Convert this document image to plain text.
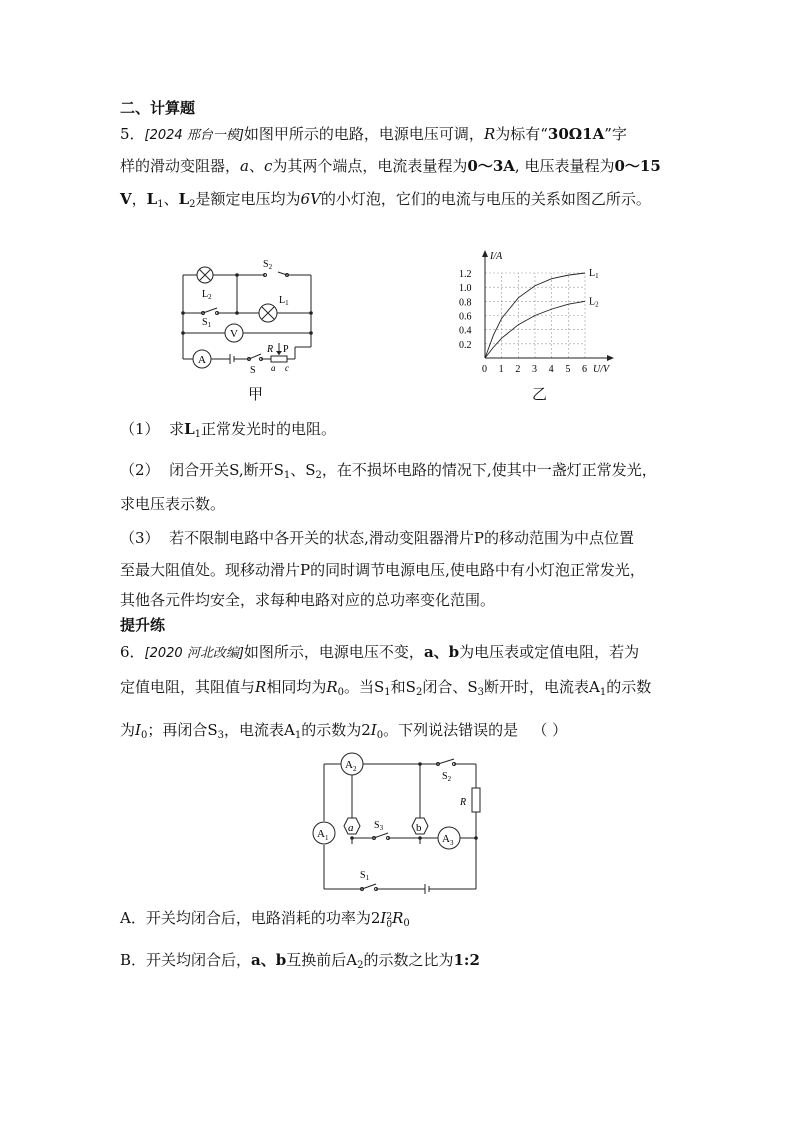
二、计算题
5．[2024 邢台一模]如图甲所示的电路，电源电压可调，R为标有“30Ω1A”字
样的滑动变阻器，a、c为其两个端点，电流表量程为0～3A, 电压表量程为0～15
V，$L_1$、$L_2$是额定电压均为6V的小灯泡，它们的电流与电压的关系如图乙所示。
V
A
$S_2$
$L_2$	$L_1$
$S_1$
S
R P
a c
甲
I/A
U/V
0 1 2 3 4 5 6
0.2
0.4
0.6
0.8
1.0
1.2	$L_1$
$L_2$
乙
（1） 求$L_1$正常发光时的电阻。
（2） 闭合开关S,断开$S_1$、$S_2$，在不损坏电路的情况下,使其中一盏灯正常发光，
求电压表示数。
（3） 若不限制电路中各开关的状态,滑动变阻器滑片P的移动范围为中点位置
至最大阻值处。现移动滑片P的同时调节电源电压,使电路中有小灯泡正常发光，
其他各元件均安全，求每种电路对应的总功率变化范围。
提升练
6．[2020 河北改编]如图所示，电源电压不变，a、b为电压表或定值电阻，若为
定值电阻，其阻值与R相同均为$R_0$。当$S_1$和$S_2$闭合、$S_3$断开时，电流表$A_1$的示数
为$I_0$；再闭合$S_3$，电流表$A_1$的示数为$2I_0$。下列说法错误的是 （ ）
a	b
$A_2$
$A_1$	$A_3$
$S_2$
R
$S_3$
$S_1$
A．开关均闭合后，电路消耗的功率为2I 2
0 $R_0$
B．开关均闭合后，a、b互换前后$A_2$的示数之比为1:2
